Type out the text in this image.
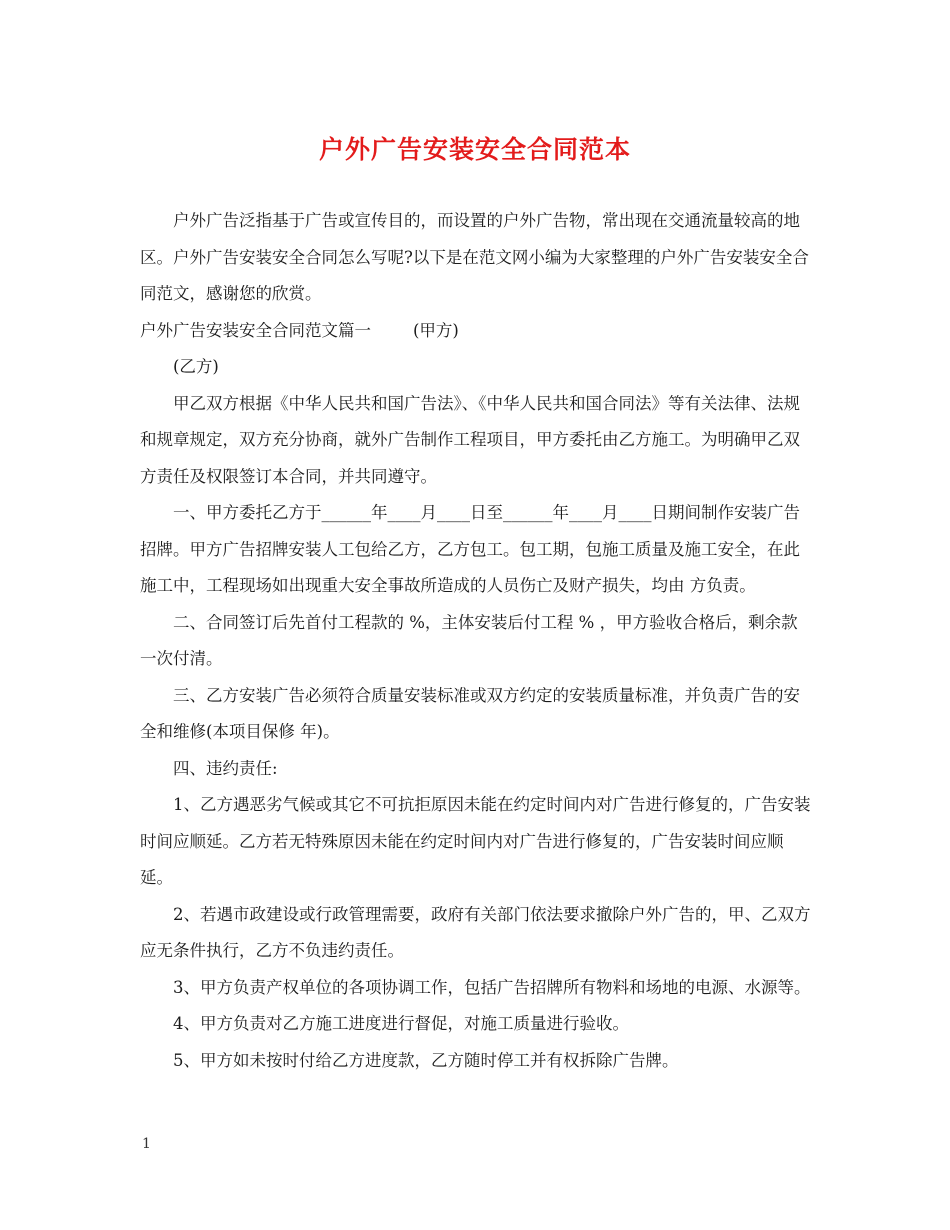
户外广告安装安全合同范本

户外广告泛指基于广告或宣传目的，而设置的户外广告物，常出现在交通流量较高的地区。户外广告安装安全合同怎么写呢?以下是在范文网小编为大家整理的户外广告安装安全合同范文，感谢您的欣赏。

户外广告安装安全合同范文篇一        (甲方)

(乙方)

甲乙双方根据《中华人民共和国广告法》、《中华人民共和国合同法》等有关法律、法规和规章规定，双方充分协商，就外广告制作工程项目，甲方委托由乙方施工。为明确甲乙双方责任及权限签订本合同，并共同遵守。

一、甲方委托乙方于______年____月____日至______年____月____日期间制作安装广告招牌。甲方广告招牌安装人工包给乙方，乙方包工。包工期，包施工质量及施工安全，在此施工中，工程现场如出现重大安全事故所造成的人员伤亡及财产损失，均由 方负责。

二、合同签订后先首付工程款的 %，主体安装后付工程 % ，甲方验收合格后，剩余款一次付清。

三、乙方安装广告必须符合质量安装标准或双方约定的安装质量标准，并负责广告的安全和维修(本项目保修 年)。

四、违约责任:

1、乙方遇恶劣气候或其它不可抗拒原因未能在约定时间内对广告进行修复的，广告安装时间应顺延。乙方若无特殊原因未能在约定时间内对广告进行修复的，广告安装时间应顺延。

2、若遇市政建设或行政管理需要，政府有关部门依法要求撤除户外广告的，甲、乙双方应无条件执行，乙方不负违约责任。

3、甲方负责产权单位的各项协调工作，包括广告招牌所有物料和场地的电源、水源等。

4、甲方负责对乙方施工进度进行督促，对施工质量进行验收。

5、甲方如未按时付给乙方进度款，乙方随时停工并有权拆除广告牌。

1
